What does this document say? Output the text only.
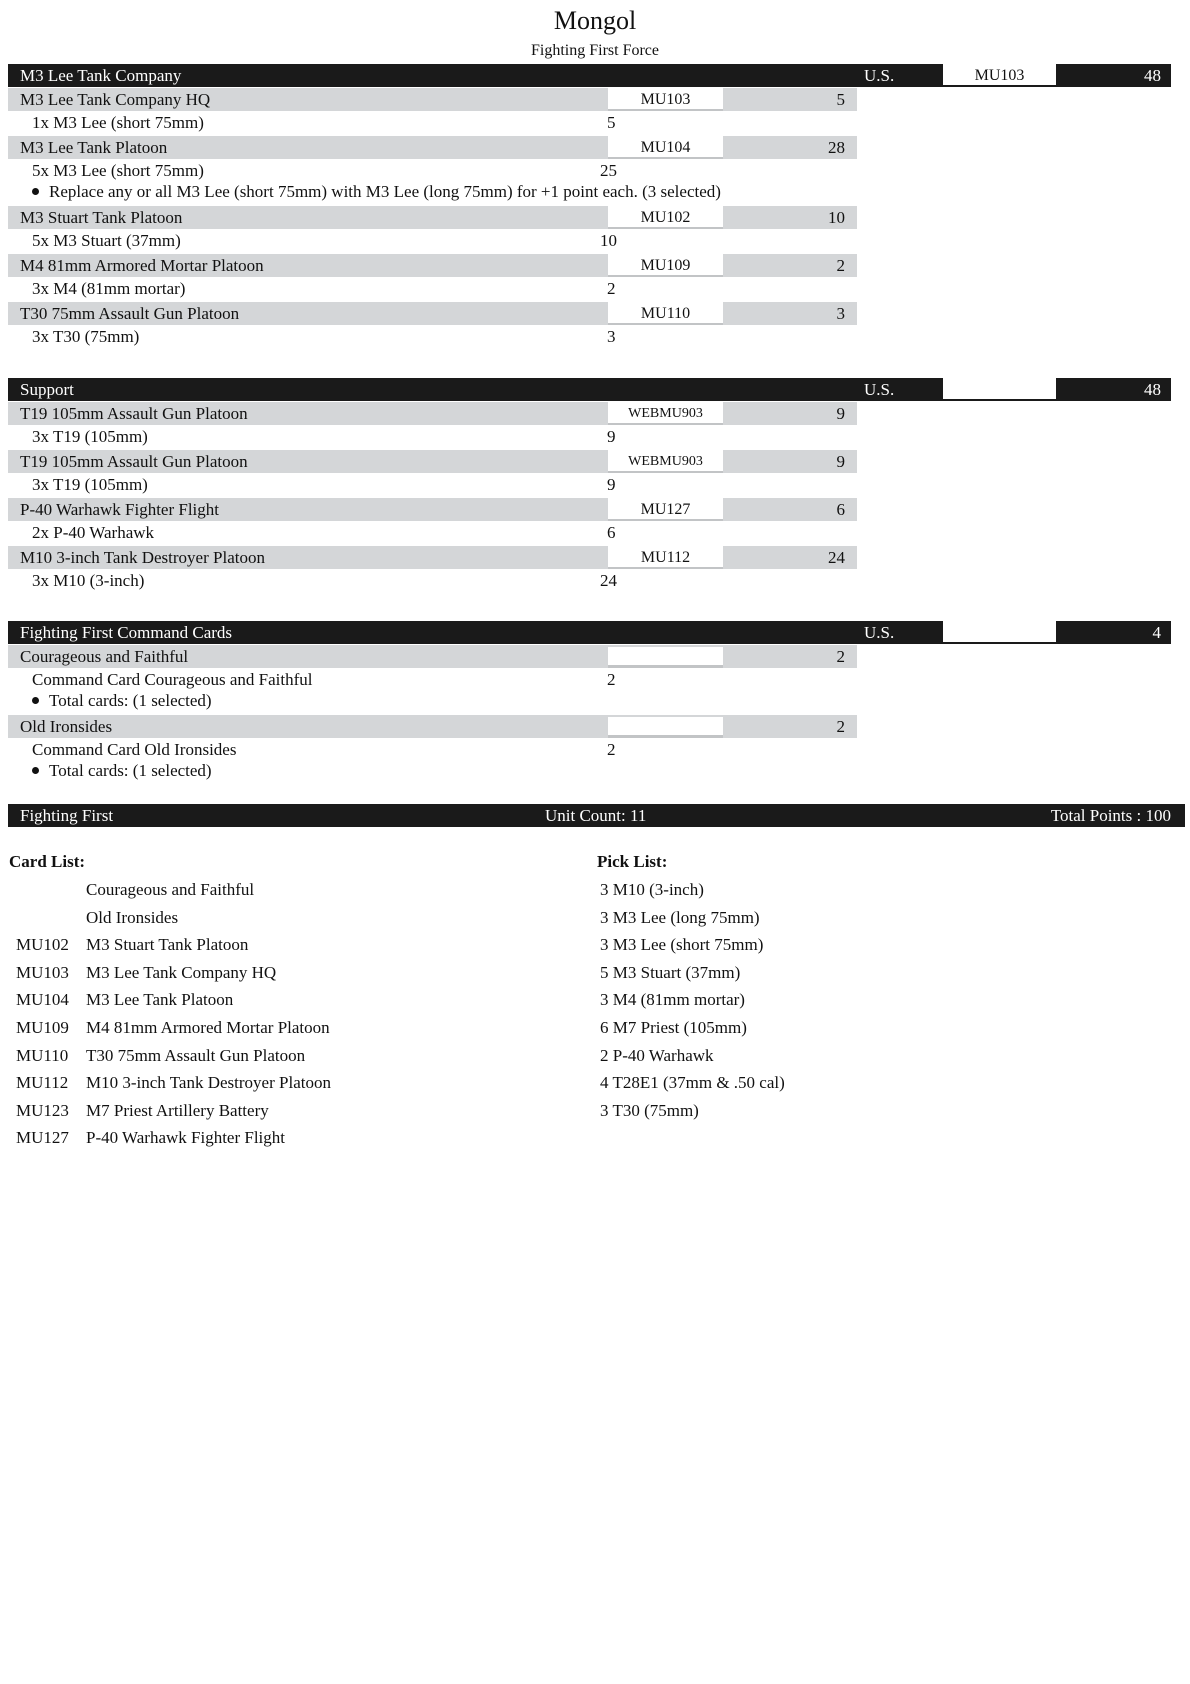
Mongol
Fighting First Force
M3 Lee Tank Company	U.S.	MU103	48
M3 Lee Tank Company HQ	MU103	5
1x M3 Lee (short 75mm)	5
M3 Lee Tank Platoon	MU104	28
5x M3 Lee (short 75mm)	25
Replace any or all M3 Lee (short 75mm) with M3 Lee (long 75mm) for +1 point each. (3 selected)
M3 Stuart Tank Platoon	MU102	10
5x M3 Stuart (37mm)	10
M4 81mm Armored Mortar Platoon	MU109	2
3x M4 (81mm mortar)	2
T30 75mm Assault Gun Platoon	MU110	3
3x T30 (75mm)	3
Support	U.S.	48
T19 105mm Assault Gun Platoon	WEBMU903	9
3x T19 (105mm)	9
T19 105mm Assault Gun Platoon	WEBMU903	9
3x T19 (105mm)	9
P-40 Warhawk Fighter Flight	MU127	6
2x P-40 Warhawk	6
M10 3-inch Tank Destroyer Platoon	MU112	24
3x M10 (3-inch)	24
Fighting First Command Cards	U.S.	4
Courageous and Faithful	2
Command Card Courageous and Faithful	2
Total cards: (1 selected)
Old Ironsides	2
Command Card Old Ironsides	2
Total cards: (1 selected)
Fighting First	Unit Count: 11	Total Points : 100
Card List:
Courageous and Faithful
Old Ironsides
MU102 M3 Stuart Tank Platoon
MU103 M3 Lee Tank Company HQ
MU104 M3 Lee Tank Platoon
MU109 M4 81mm Armored Mortar Platoon
MU110 T30 75mm Assault Gun Platoon
MU112 M10 3-inch Tank Destroyer Platoon
MU123 M7 Priest Artillery Battery
MU127 P-40 Warhawk Fighter Flight
Pick List:
3 M10 (3-inch)
3 M3 Lee (long 75mm)
3 M3 Lee (short 75mm)
5 M3 Stuart (37mm)
3 M4 (81mm mortar)
6 M7 Priest (105mm)
2 P-40 Warhawk
4 T28E1 (37mm & .50 cal)
3 T30 (75mm)
